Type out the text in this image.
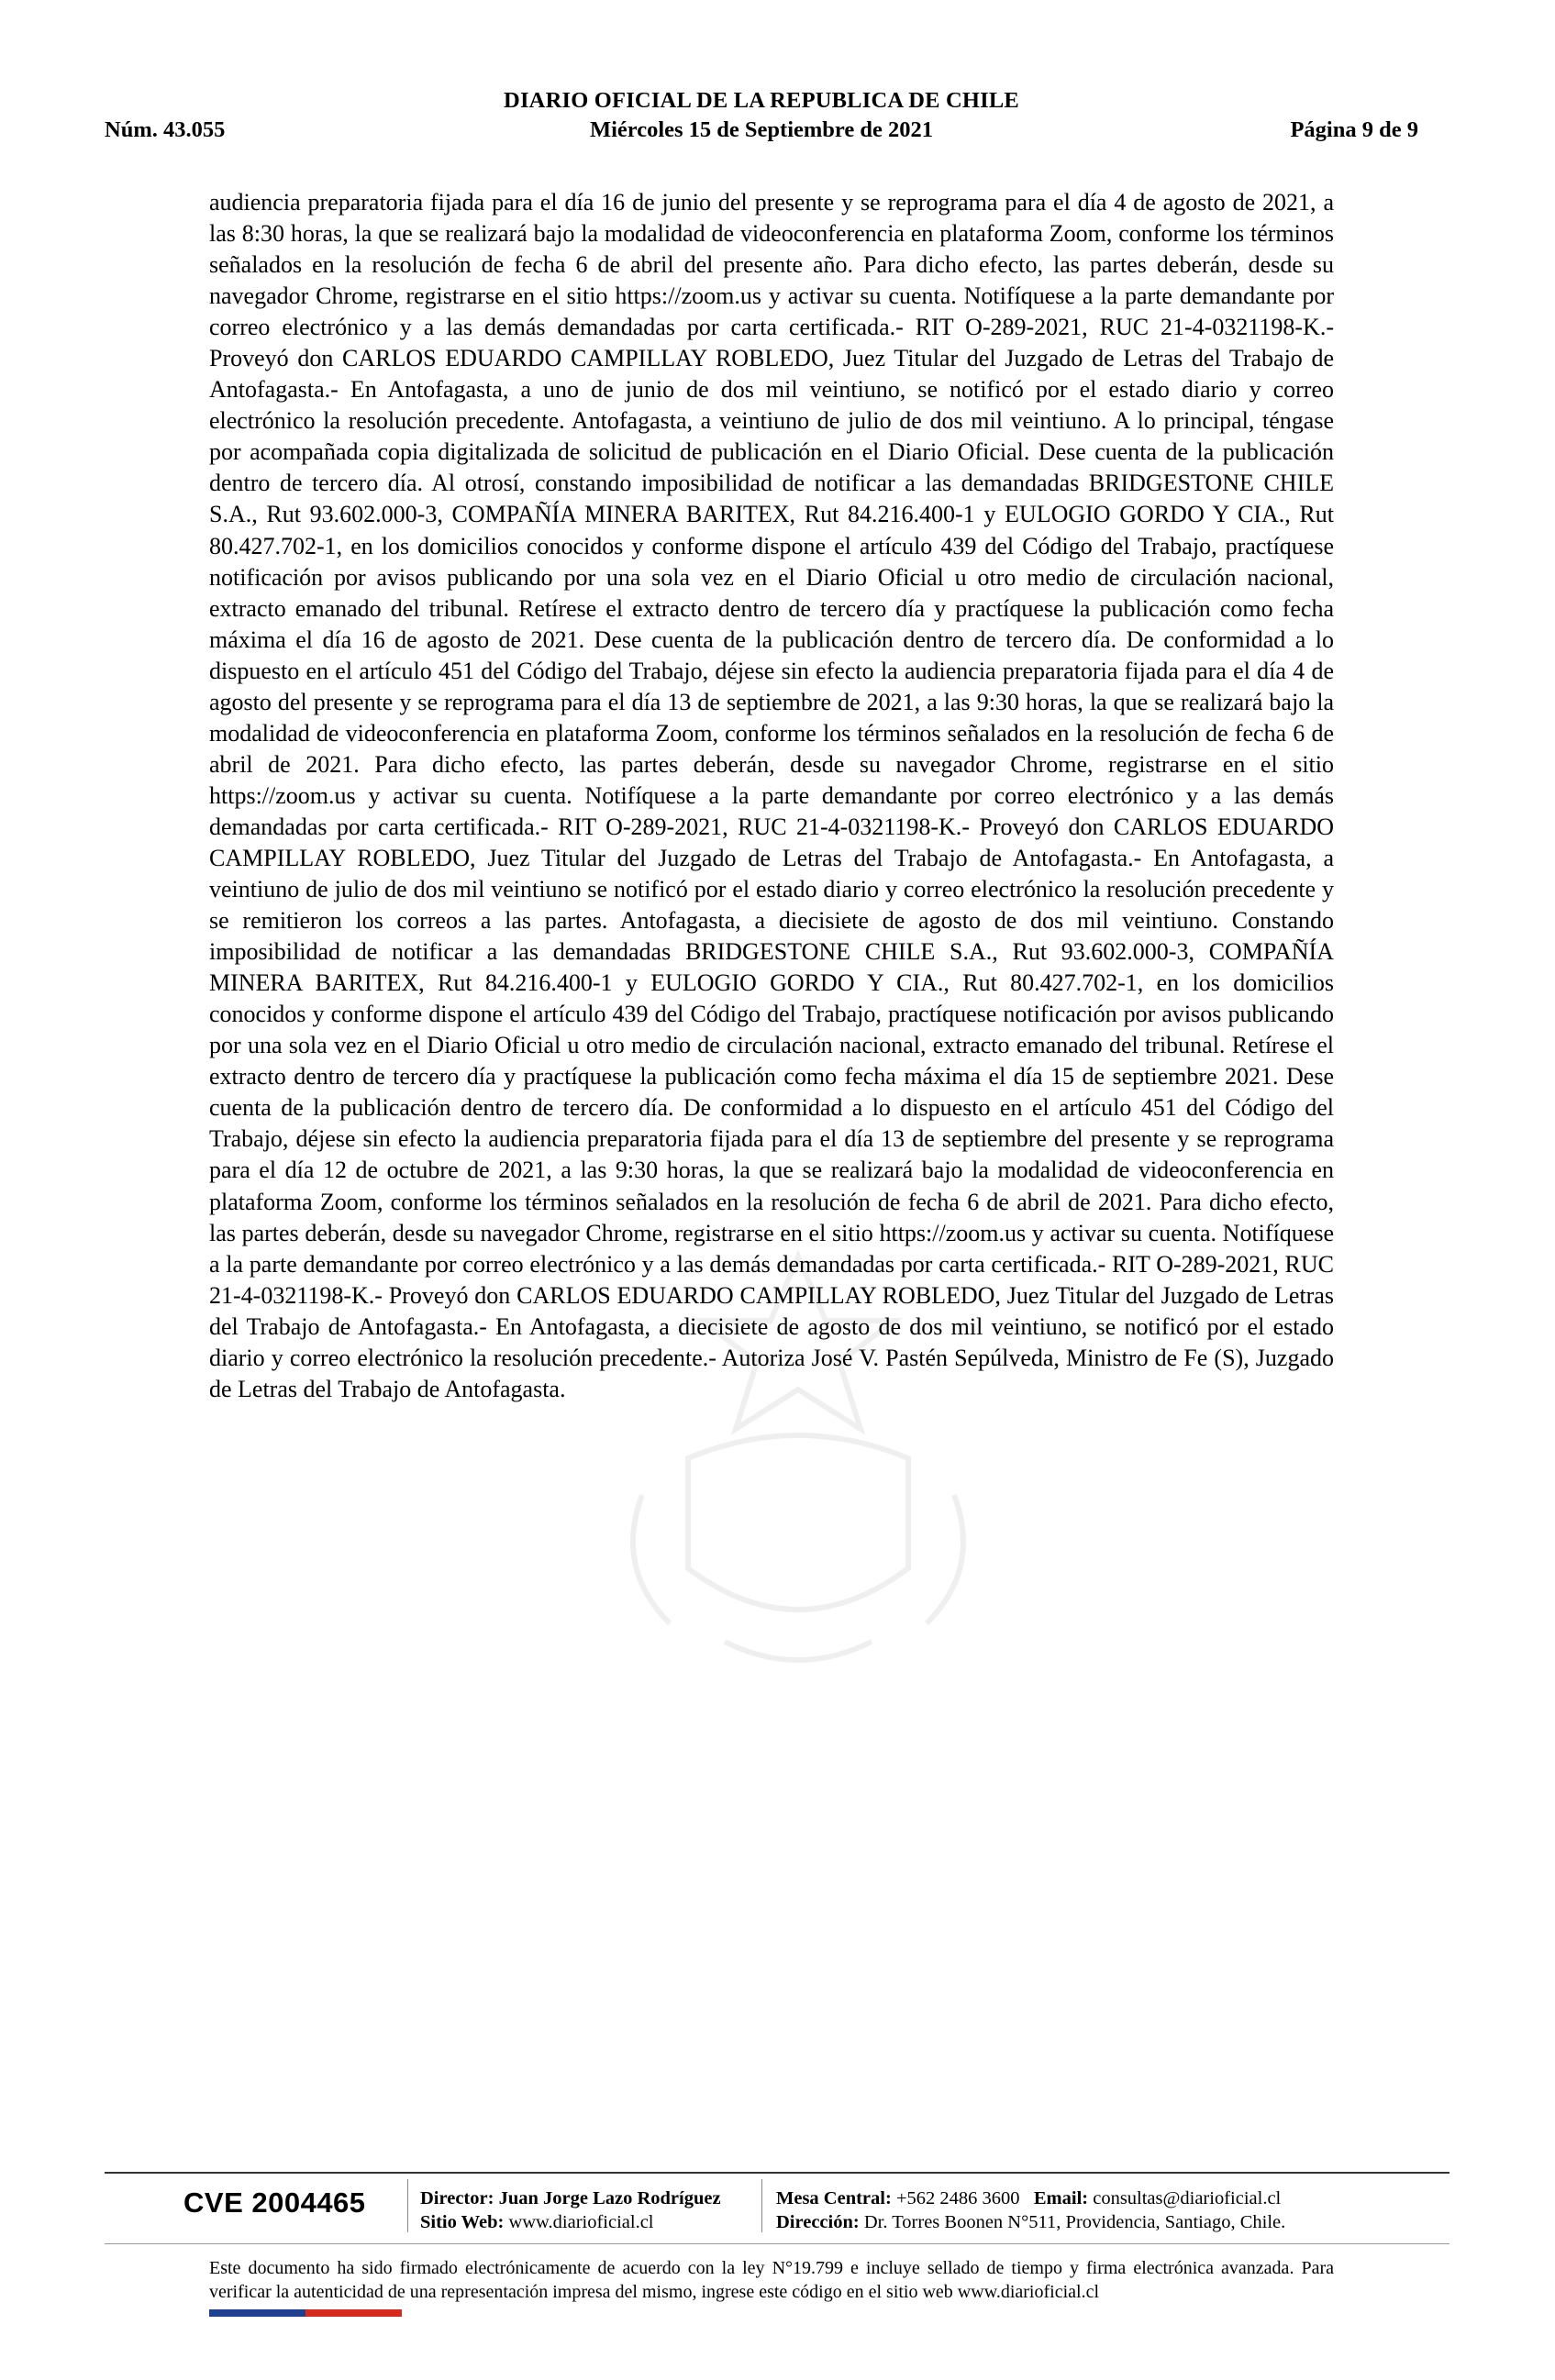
DIARIO OFICIAL DE LA REPUBLICA DE CHILE
Núm. 43.055	Miércoles 15 de Septiembre de 2021	Página 9 de 9
audiencia preparatoria fijada para el día 16 de junio del presente y se reprograma para el día 4 de agosto de 2021, a las 8:30 horas, la que se realizará bajo la modalidad de videoconferencia en plataforma Zoom, conforme los términos señalados en la resolución de fecha 6 de abril del presente año. Para dicho efecto, las partes deberán, desde su navegador Chrome, registrarse en el sitio https://zoom.us y activar su cuenta. Notifíquese a la parte demandante por correo electrónico y a las demás demandadas por carta certificada.- RIT O-289-2021, RUC 21-4-0321198-K.- Proveyó don CARLOS EDUARDO CAMPILLAY ROBLEDO, Juez Titular del Juzgado de Letras del Trabajo de Antofagasta.- En Antofagasta, a uno de junio de dos mil veintiuno, se notificó por el estado diario y correo electrónico la resolución precedente. Antofagasta, a veintiuno de julio de dos mil veintiuno. A lo principal, téngase por acompañada copia digitalizada de solicitud de publicación en el Diario Oficial. Dese cuenta de la publicación dentro de tercero día. Al otrosí, constando imposibilidad de notificar a las demandadas BRIDGESTONE CHILE S.A., Rut 93.602.000-3, COMPAÑÍA MINERA BARITEX, Rut 84.216.400-1 y EULOGIO GORDO Y CIA., Rut 80.427.702-1, en los domicilios conocidos y conforme dispone el artículo 439 del Código del Trabajo, practíquese notificación por avisos publicando por una sola vez en el Diario Oficial u otro medio de circulación nacional, extracto emanado del tribunal. Retírese el extracto dentro de tercero día y practíquese la publicación como fecha máxima el día 16 de agosto de 2021. Dese cuenta de la publicación dentro de tercero día. De conformidad a lo dispuesto en el artículo 451 del Código del Trabajo, déjese sin efecto la audiencia preparatoria fijada para el día 4 de agosto del presente y se reprograma para el día 13 de septiembre de 2021, a las 9:30 horas, la que se realizará bajo la modalidad de videoconferencia en plataforma Zoom, conforme los términos señalados en la resolución de fecha 6 de abril de 2021. Para dicho efecto, las partes deberán, desde su navegador Chrome, registrarse en el sitio https://zoom.us y activar su cuenta. Notifíquese a la parte demandante por correo electrónico y a las demás demandadas por carta certificada.- RIT O-289-2021, RUC 21-4-0321198-K.- Proveyó don CARLOS EDUARDO CAMPILLAY ROBLEDO, Juez Titular del Juzgado de Letras del Trabajo de Antofagasta.- En Antofagasta, a veintiuno de julio de dos mil veintiuno se notificó por el estado diario y correo electrónico la resolución precedente y se remitieron los correos a las partes. Antofagasta, a diecisiete de agosto de dos mil veintiuno. Constando imposibilidad de notificar a las demandadas BRIDGESTONE CHILE S.A., Rut 93.602.000-3, COMPAÑÍA MINERA BARITEX, Rut 84.216.400-1 y EULOGIO GORDO Y CIA., Rut 80.427.702-1, en los domicilios conocidos y conforme dispone el artículo 439 del Código del Trabajo, practíquese notificación por avisos publicando por una sola vez en el Diario Oficial u otro medio de circulación nacional, extracto emanado del tribunal. Retírese el extracto dentro de tercero día y practíquese la publicación como fecha máxima el día 15 de septiembre 2021. Dese cuenta de la publicación dentro de tercero día. De conformidad a lo dispuesto en el artículo 451 del Código del Trabajo, déjese sin efecto la audiencia preparatoria fijada para el día 13 de septiembre del presente y se reprograma para el día 12 de octubre de 2021, a las 9:30 horas, la que se realizará bajo la modalidad de videoconferencia en plataforma Zoom, conforme los términos señalados en la resolución de fecha 6 de abril de 2021. Para dicho efecto, las partes deberán, desde su navegador Chrome, registrarse en el sitio https://zoom.us y activar su cuenta. Notifíquese a la parte demandante por correo electrónico y a las demás demandadas por carta certificada.- RIT O-289-2021, RUC 21-4-0321198-K.- Proveyó don CARLOS EDUARDO CAMPILLAY ROBLEDO, Juez Titular del Juzgado de Letras del Trabajo de Antofagasta.- En Antofagasta, a diecisiete de agosto de dos mil veintiuno, se notificó por el estado diario y correo electrónico la resolución precedente.- Autoriza José V. Pastén Sepúlveda, Ministro de Fe (S), Juzgado de Letras del Trabajo de Antofagasta.
CVE 2004465	Director: Juan Jorge Lazo Rodríguez
Sitio Web: www.diarioficial.cl
Mesa Central: +562 2486 3600 Email: consultas@diarioficial.cl
Dirección: Dr. Torres Boonen N°511, Providencia, Santiago, Chile.
Este documento ha sido firmado electrónicamente de acuerdo con la ley N°19.799 e incluye sellado de tiempo y firma electrónica avanzada. Para verificar la autenticidad de una representación impresa del mismo, ingrese este código en el sitio web www.diarioficial.cl
